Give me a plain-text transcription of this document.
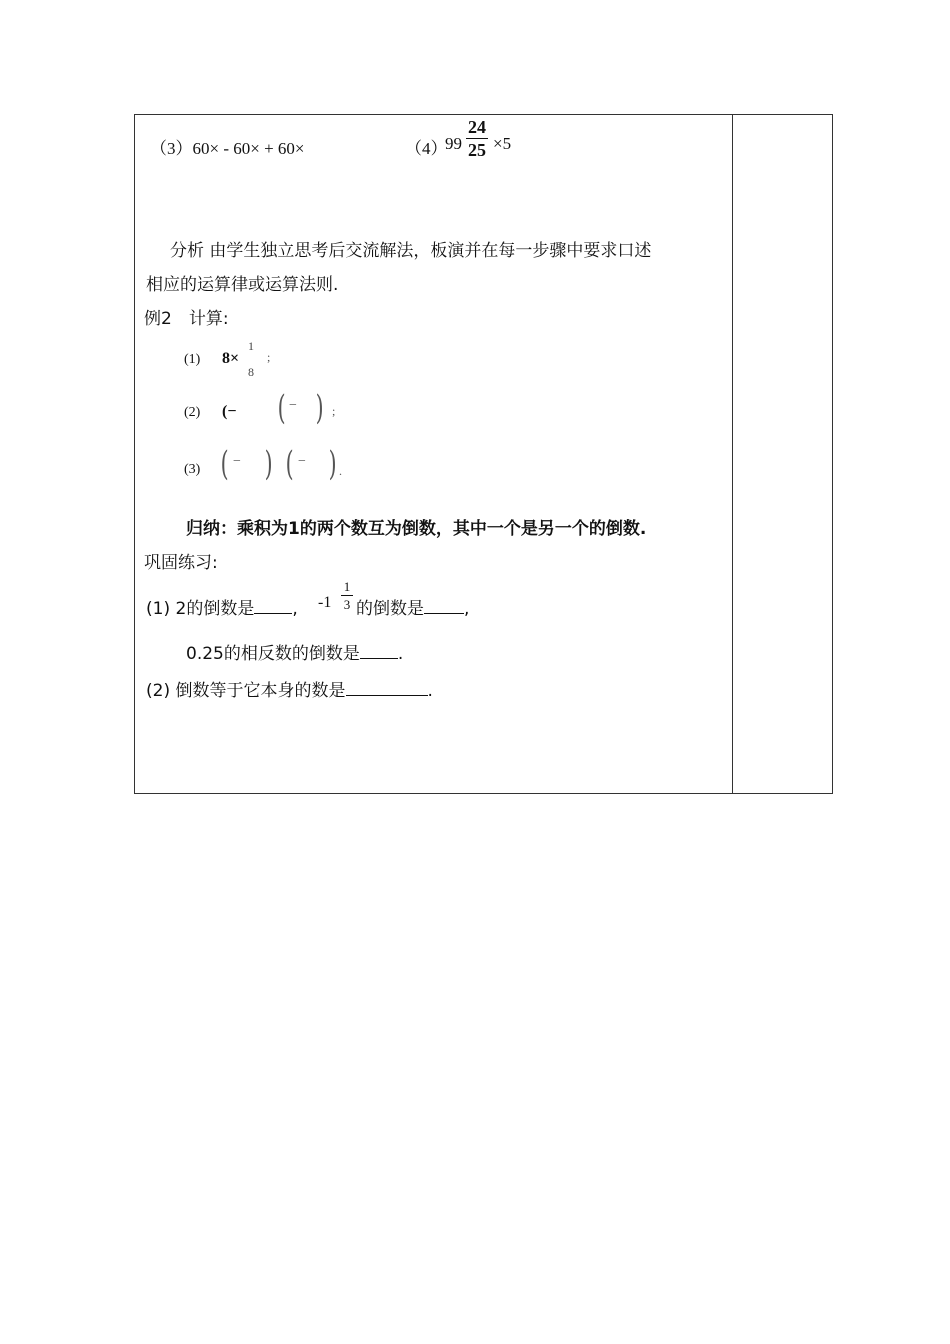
（3）60× - 60× + 60×	（4）
99
24
25 ×5
分析 由学生独立思考后交流解法，板演并在每一步骤中要求口述
相应的运算律或运算法则.
例2　计算:
(1) 8×
1
8
;
(2) (− ( − ) ;
(3) ( − ) ( − ) .
归纳：乘积为1的两个数互为倒数，其中一个是另一个的倒数.
巩固练习:
(1) 2的倒数是 , -1
1
3 的倒数是 ,
0.25的相反数的倒数是 .
(2) 倒数等于它本身的数是	.
